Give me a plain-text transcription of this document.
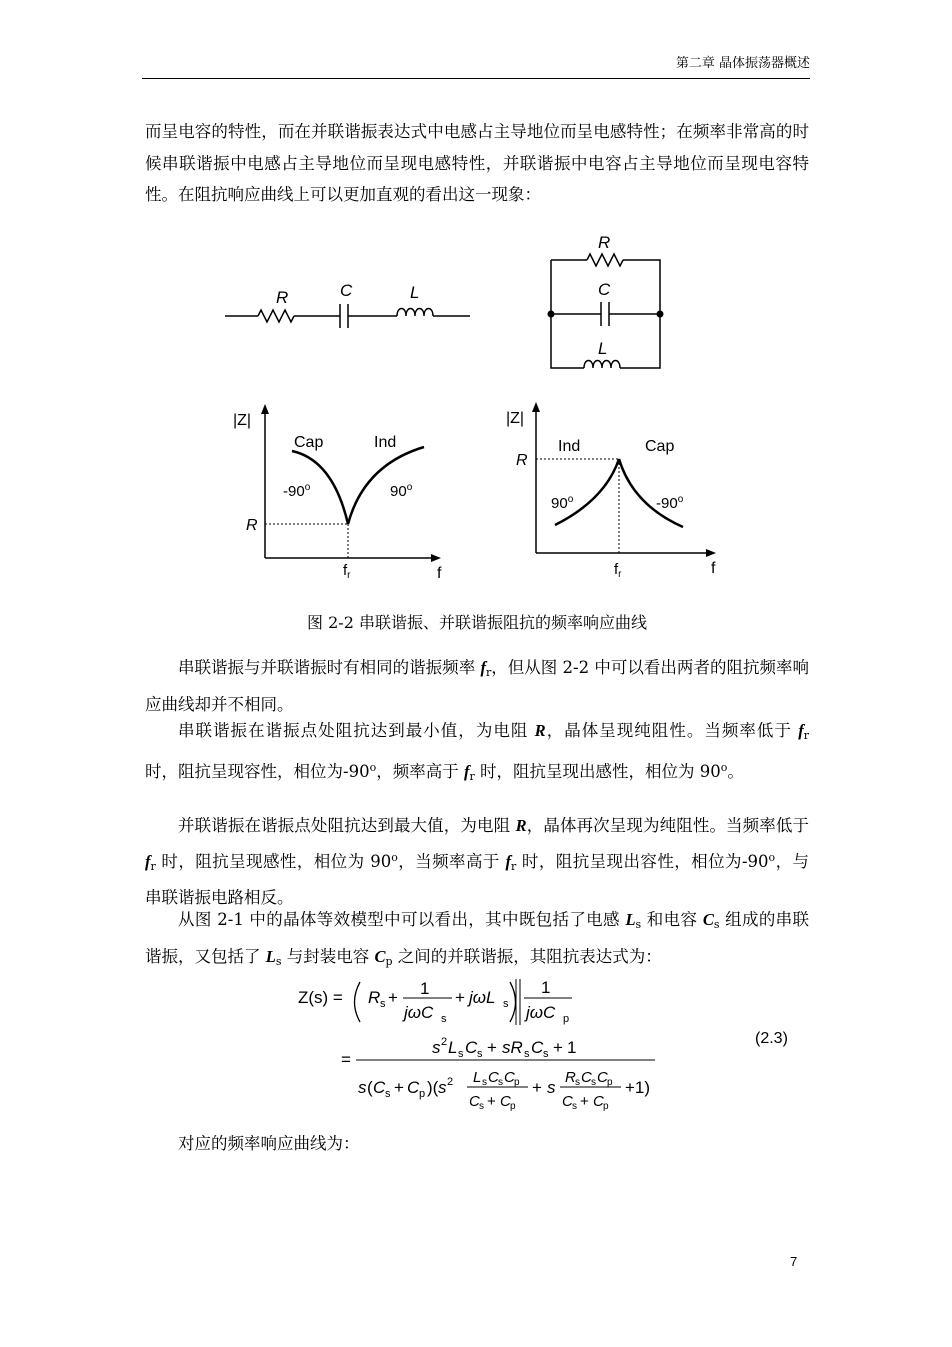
第二章 晶体振荡器概述

而呈电容的特性，而在并联谐振表达式中电感占主导地位而呈电感特性；在频率非常高的时候串联谐振中电感占主导地位而呈现电感特性，并联谐振中电容占主导地位而呈现电容特性。在阻抗响应曲线上可以更加直观的看出这一现象：

R	C	L
R
C
L
|Z|
Cap	Ind
-90$^o$	90$^o$
R
$f_r$	f
|Z|
Ind	Cap
R
90$^o$	-90$^o$
$f_r$	f
图 2-2 串联谐振、并联谐振阻抗的频率响应曲线

串联谐振与并联谐振时有相同的谐振频率 $f_r$，但从图 2-2 中可以看出两者的阻抗频率响应曲线却并不相同。

串联谐振在谐振点处阻抗达到最小值，为电阻 R，晶体呈现纯阻性。当频率低于 $f_r$ 时，阻抗呈现容性，相位为-90$^o$，频率高于 $f_r$ 时，阻抗呈现出感性，相位为 90$^o$。

并联谐振在谐振点处阻抗达到最大值，为电阻 R，晶体再次呈现为纯阻性。当频率低于 $f_r$ 时，阻抗呈现感性，相位为 90$^o$，当频率高于 $f_r$ 时，阻抗呈现出容性，相位为-90$^o$，与串联谐振电路相反。

从图 2-1 中的晶体等效模型中可以看出，其中既包括了电感 $L_s$ 和电容 $C_s$ 组成的串联谐振，又包括了 $L_s$ 与封装电容 $C_p$ 之间的并联谐振，其阻抗表达式为：

Z(s) = R s + 1
jωC s
+ jωL s
1
jωC p
=
s 2 L s C s + sR s C s + 1
s ( C s + C p )( s 2 L s C s C p
C s + C p
+ s
R s C s C p
C s + C p
+1)
(2.3)

对应的频率响应曲线为：

7
